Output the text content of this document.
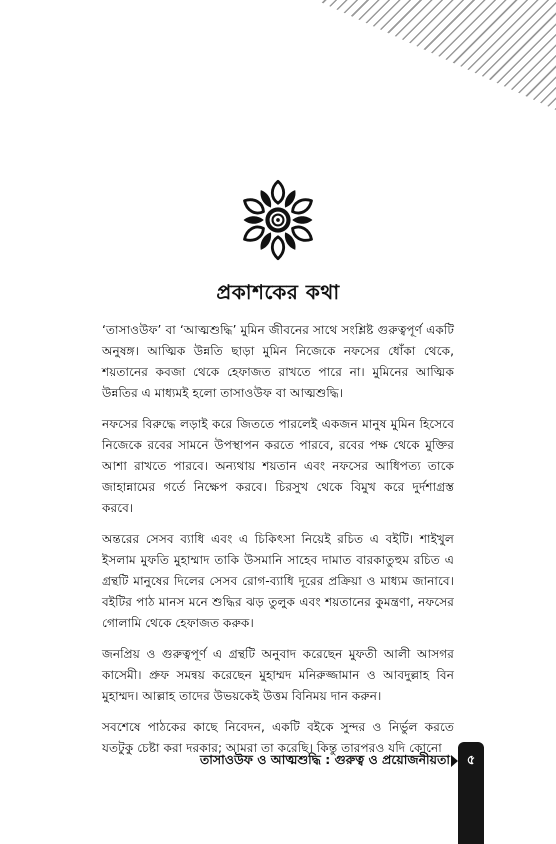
প্রকাশকের কথা

‘তাসাওউফ’ বা ‘আত্মশুদ্ধি’ মুমিন জীবনের সাথে সংশ্লিষ্ট গুরুত্বপূর্ণ একটি অনুষঙ্গ। আত্মিক উন্নতি ছাড়া মুমিন নিজেকে নফসের ধোঁকা থেকে, শয়তানের কবজা থেকে হেফাজত রাখতে পারে না। মুমিনের আত্মিক উন্নতির এ মাধ্যমই হলো তাসাওউফ বা আত্মশুদ্ধি।

নফসের বিরুদ্ধে লড়াই করে জিততে পারলেই একজন মানুষ মুমিন হিসেবে নিজেকে রবের সামনে উপস্থাপন করতে পারবে, রবের পক্ষ থেকে মুক্তির আশা রাখতে পারবে। অন্যথায় শয়তান এবং নফসের আধিপত্য তাকে জাহান্নামের গর্তে নিক্ষেপ করবে। চিরসুখ থেকে বিমুখ করে দুর্দশাগ্রস্ত করবে।

অন্তরের সেসব ব্যাধি এবং এ চিকিৎসা নিয়েই রচিত এ বইটি। শাইখুল ইসলাম মুফতি মুহাম্মাদ তাকি উসমানি সাহেব দামাত বারকাতুহুম রচিত এ গ্রন্থটি মানুষের দিলের সেসব রোগ-ব্যাধি দূরের প্রক্রিয়া ও মাধ্যম জানাবে। বইটির পাঠ মানস মনে শুদ্ধির ঝড় তুলুক এবং শয়তানের কুমন্ত্রণা, নফসের গোলামি থেকে হেফাজত করুক।

জনপ্রিয় ও গুরুত্বপূর্ণ এ গ্রন্থটি অনুবাদ করেছেন মুফতী আলী আসগর কাসেমী। প্রুফ সমন্বয় করেছেন মুহাম্মদ মনিরুজ্জামান ও আবদুল্লাহ বিন মুহাম্মদ। আল্লাহ তাদের উভয়কেই উত্তম বিনিময় দান করুন।

সবশেষে পাঠকের কাছে নিবেদন, একটি বইকে সুন্দর ও নির্ভুল করতে যতটুকু চেষ্টা করা দরকার; আমরা তা করেছি। কিন্তু তারপরও যদি কোনো

তাসাওউফ ও আত্মশুদ্ধি : গুরুত্ব ও প্রয়োজনীয়তা	৫
